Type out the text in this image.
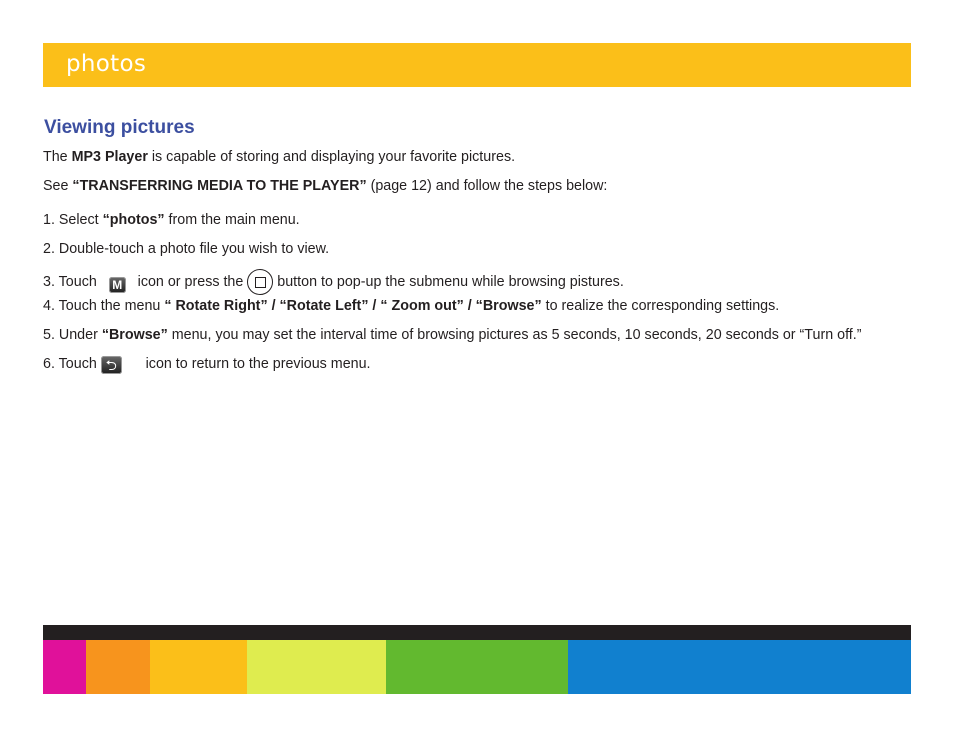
photos
Viewing pictures
The MP3 Player is capable of storing and displaying your favorite pictures.
See “TRANSFERRING MEDIA TO THE PLAYER” (page 12) and follow the steps below:
1. Select “photos” from the main menu.
2. Double-touch a photo file you wish to view.
3. Touch   M   icon or press the  button to pop-up the submenu while browsing pistures.
4. Touch the menu “ Rotate Right” / “Rotate Left” / “ Zoom out” / “Browse” to realize the corresponding settings.
5. Under “Browse” menu, you may set the interval time of browsing pictures as 5 seconds, 10 seconds, 20 seconds or “Turn off.”
6. Touch ⮌      icon to return to the previous menu.
